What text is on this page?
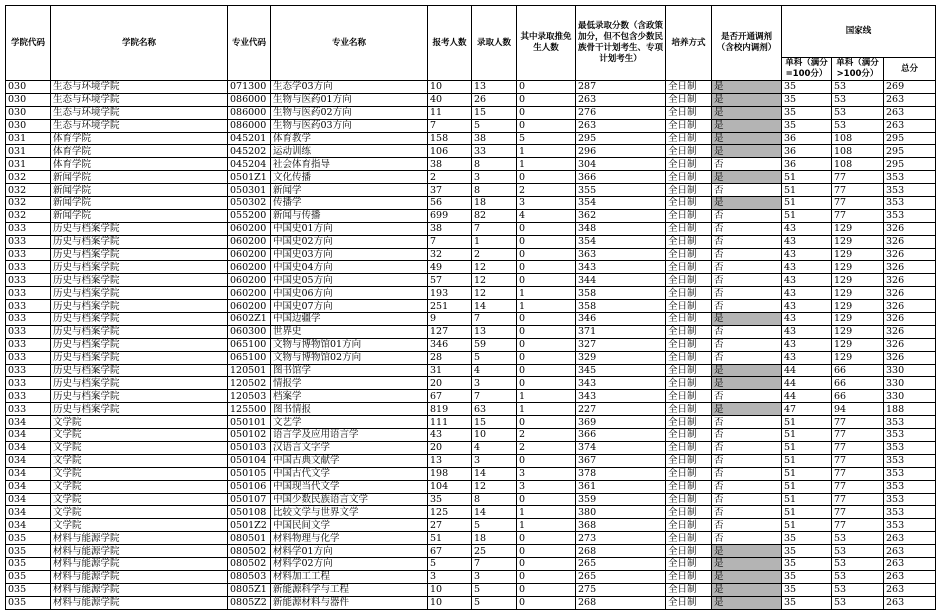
学院代码	学院名称	专业代码	专业名称	报考人数	录取人数	其中录取推免生人数	最低录取分数（含政策加分，但不包含少数民族骨干计划考生、专项计划考生）	培养方式	是否开通调剂（含校内调剂）	国家线		
										单科（满分=100分）	单科（满分>100分）	总分
030	生态与环境学院	071300	生态学03方向	10	13	0	287	全日制	是	35	53	269
030	生态与环境学院	086000	生物与医药01方向	40	26	0	263	全日制	是	35	53	263
030	生态与环境学院	086000	生物与医药02方向	11	15	0	276	全日制	是	35	53	263
030	生态与环境学院	086000	生物与医药03方向	7	5	0	263	全日制	是	35	53	263
031	体育学院	045201	体育教学	158	38	5	295	全日制	是	36	108	295
031	体育学院	045202	运动训练	106	33	1	296	全日制	是	36	108	295
031	体育学院	045204	社会体育指导	38	8	1	304	全日制	否	36	108	295
032	新闻学院	0501Z1	文化传播	2	3	0	366	全日制	是	51	77	353
032	新闻学院	050301	新闻学	37	8	2	355	全日制	否	51	77	353
032	新闻学院	050302	传播学	56	18	3	354	全日制	是	51	77	353
032	新闻学院	055200	新闻与传播	699	82	4	362	全日制	否	51	77	353
033	历史与档案学院	060200	中国史01方向	38	7	0	348	全日制	否	43	129	326
033	历史与档案学院	060200	中国史02方向	7	1	0	354	全日制	否	43	129	326
033	历史与档案学院	060200	中国史03方向	32	2	0	363	全日制	否	43	129	326
033	历史与档案学院	060200	中国史04方向	49	12	0	343	全日制	否	43	129	326
033	历史与档案学院	060200	中国史05方向	57	12	0	344	全日制	否	43	129	326
033	历史与档案学院	060200	中国史06方向	193	12	1	358	全日制	否	43	129	326
033	历史与档案学院	060200	中国史07方向	251	14	1	358	全日制	否	43	129	326
033	历史与档案学院	0602Z1	中国边疆学	9	7	0	346	全日制	是	43	129	326
033	历史与档案学院	060300	世界史	127	13	0	371	全日制	否	43	129	326
033	历史与档案学院	065100	文物与博物馆01方向	346	59	0	327	全日制	否	43	129	326
033	历史与档案学院	065100	文物与博物馆02方向	28	5	0	329	全日制	否	43	129	326
033	历史与档案学院	120501	图书馆学	31	4	0	345	全日制	是	44	66	330
033	历史与档案学院	120502	情报学	20	3	0	343	全日制	是	44	66	330
033	历史与档案学院	120503	档案学	67	7	1	343	全日制	否	44	66	330
033	历史与档案学院	125500	图书情报	819	63	1	227	全日制	是	47	94	188
034	文学院	050101	文艺学	111	15	0	369	全日制	否	51	77	353
034	文学院	050102	语言学及应用语言学	43	10	2	366	全日制	否	51	77	353
034	文学院	050103	汉语言文字学	20	4	2	374	全日制	否	51	77	353
034	文学院	050104	中国古典文献学	13	3	0	367	全日制	否	51	77	353
034	文学院	050105	中国古代文学	198	14	3	378	全日制	否	51	77	353
034	文学院	050106	中国现当代文学	104	12	3	361	全日制	否	51	77	353
034	文学院	050107	中国少数民族语言文学	35	8	0	359	全日制	否	51	77	353
034	文学院	050108	比较文学与世界文学	125	14	1	380	全日制	否	51	77	353
034	文学院	0501Z2	中国民间文学	27	5	1	368	全日制	否	51	77	353
035	材料与能源学院	080501	材料物理与化学	51	18	0	273	全日制	否	35	53	263
035	材料与能源学院	080502	材料学01方向	67	25	0	268	全日制	是	35	53	263
035	材料与能源学院	080502	材料学02方向	5	7	0	265	全日制	是	35	53	263
035	材料与能源学院	080503	材料加工工程	3	3	0	265	全日制	是	35	53	263
035	材料与能源学院	0805Z1	新能源科学与工程	10	5	0	275	全日制	是	35	53	263
035	材料与能源学院	0805Z2	新能源材料与器件	10	5	0	268	全日制	是	35	53	263
